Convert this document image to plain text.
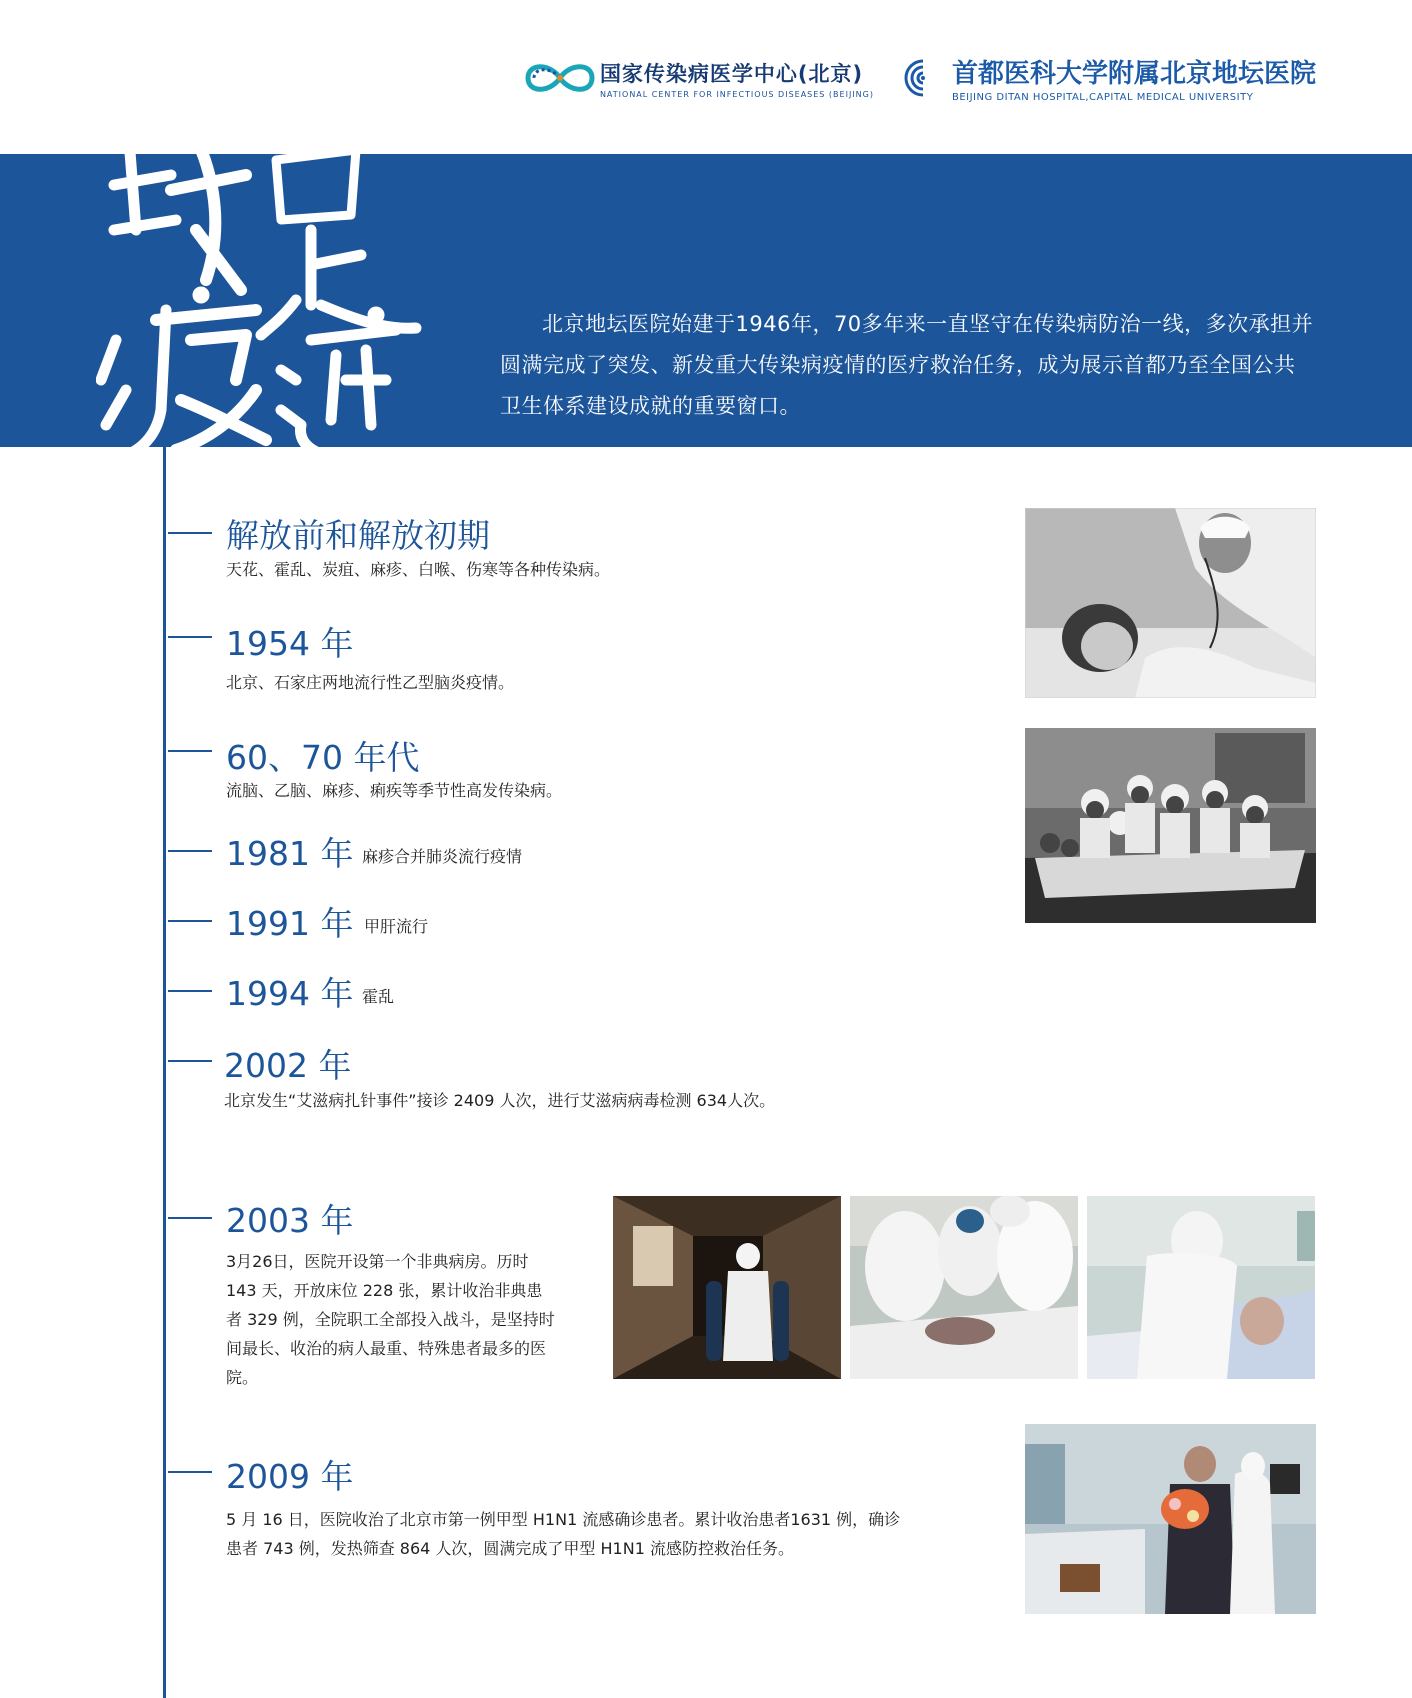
国家传染病医学中心(北京)
NATIONAL CENTER FOR INFECTIOUS DISEASES (BEIJING)
首都医科大学附属北京地坛医院
BEIJING DITAN HOSPITAL,CAPITAL MEDICAL UNIVERSITY
北京地坛医院始建于1946年，70多年来一直坚守在传染病防治一线，多次承担并圆满完成了突发、新发重大传染病疫情的医疗救治任务，成为展示首都乃至全国公共卫生体系建设成就的重要窗口。
解放前和解放初期
天花、霍乱、炭疽、麻疹、白喉、伤寒等各种传染病。
1954 年
北京、石家庄两地流行性乙型脑炎疫情。
60、70 年代
流脑、乙脑、麻疹、痢疾等季节性高发传染病。
1981 年 麻疹合并肺炎流行疫情
1991 年 甲肝流行
1994 年 霍乱
2002 年
北京发生“艾滋病扎针事件”接诊 2409 人次，进行艾滋病病毒检测 634人次。
2003 年
3月26日，医院开设第一个非典病房。历时 143 天，开放床位 228 张，累计收治非典患者 329 例，全院职工全部投入战斗，是坚持时间最长、收治的病人最重、特殊患者最多的医院。
2009 年
5 月 16 日，医院收治了北京市第一例甲型 H1N1 流感确诊患者。累计收治患者1631 例，确诊患者 743 例，发热筛查 864 人次，圆满完成了甲型 H1N1 流感防控救治任务。
